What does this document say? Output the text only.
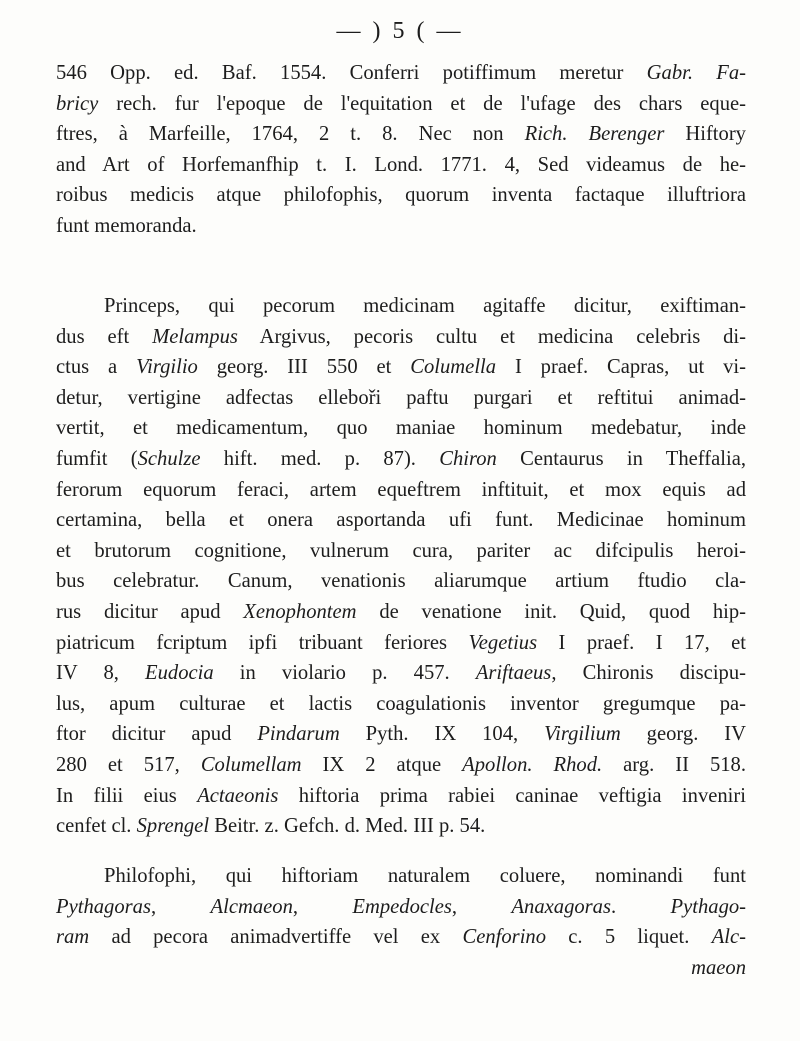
— ) 5 ( —
546 Opp. ed. Baf. 1554. Conferri potiffimum meretur Gabr. Fa-
bricy rech. fur l'epoque de l'equitation et de l'ufage des chars eque-
ftres, à Marfeille, 1764, 2 t. 8. Nec non Rich. Berenger Hiftory
and Art of Horfemanfhip t. I. Lond. 1771. 4, Sed videamus de he-
roibus medicis atque philofophis, quorum inventa factaque illuftriora
funt memoranda.
Princeps, qui pecorum medicinam agitaffe dicitur, exiftiman-
dus eft Melampus Argivus, pecoris cultu et medicina celebris di-
ctus a Virgilio georg. III 550 et Columella I praef. Capras, ut vi-
detur, vertigine adfectas elleboři paftu purgari et reftitui animad-
vertit, et medicamentum, quo maniae hominum medebatur, inde
fumfit (Schulze hift. med. p. 87). Chiron Centaurus in Theffalia,
ferorum equorum feraci, artem equeftrem inftituit, et mox equis ad
certamina, bella et onera asportanda ufi funt. Medicinae hominum
et brutorum cognitione, vulnerum cura, pariter ac difcipulis heroi-
bus celebratur. Canum, venationis aliarumque artium ftudio cla-
rus dicitur apud Xenophontem de venatione init. Quid, quod hip-
piatricum fcriptum ipfi tribuant feriores Vegetius I praef. I 17, et
IV 8, Eudocia in violario p. 457. Ariftaeus, Chironis discipu-
lus, apum culturae et lactis coagulationis inventor gregumque pa-
ftor dicitur apud Pindarum Pyth. IX 104, Virgilium georg. IV
280 et 517, Columellam IX 2 atque Apollon. Rhod. arg. II 518.
In filii eius Actaeonis hiftoria prima rabiei caninae veftigia inveniri
cenfet cl. Sprengel Beitr. z. Gefch. d. Med. III p. 54.
Philofophi, qui hiftoriam naturalem coluere, nominandi funt
Pythagoras, Alcmaeon, Empedocles, Anaxagoras. Pythago-
ram ad pecora animadvertiffe vel ex Cenforino c. 5 liquet. Alc-
maeon
